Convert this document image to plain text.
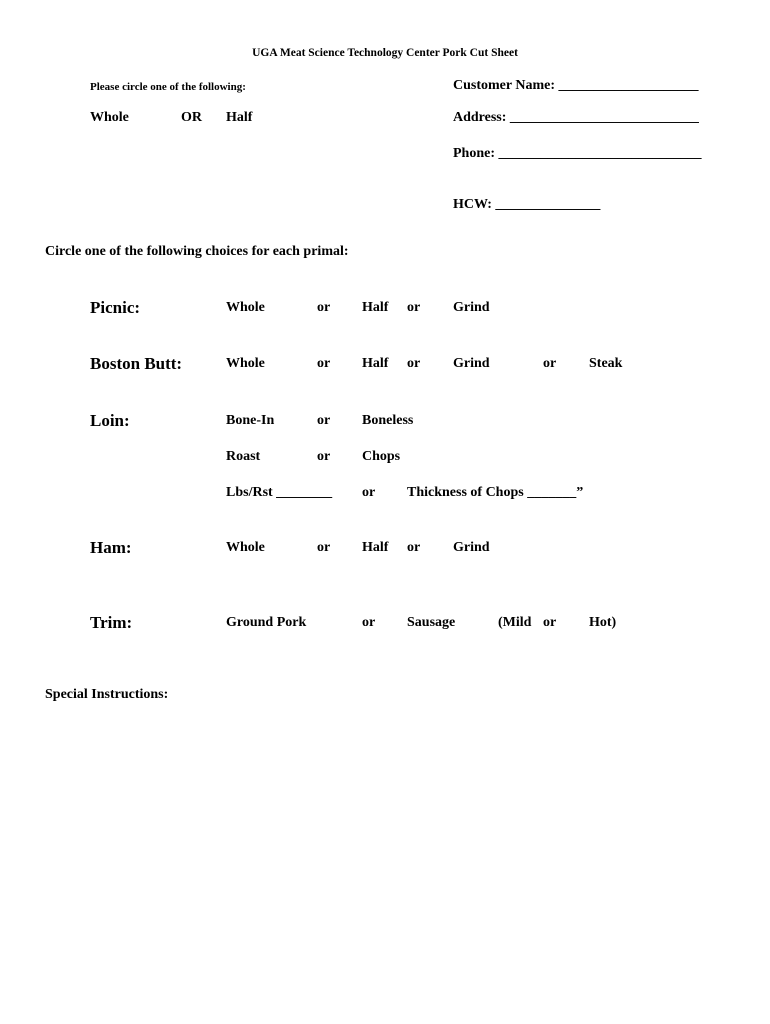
UGA Meat Science Technology Center Pork Cut Sheet
Please circle one of the following:
Whole	OR Half
Customer Name: ____________________
Address: ___________________________
Phone: _____________________________
HCW: _______________
Circle one of the following choices for each primal:
Picnic:	Whole	or Half or Grind
Boston Butt:	Whole	or Half or Grind	or Steak
Loin:	Bone-In	or Boneless
Roast	or Chops
Lbs/Rst ________ or Thickness of Chops _______”
Ham:	Whole	or Half or Grind
Trim:	Ground Pork	or Sausage	(Mild or Hot)
Special Instructions:
